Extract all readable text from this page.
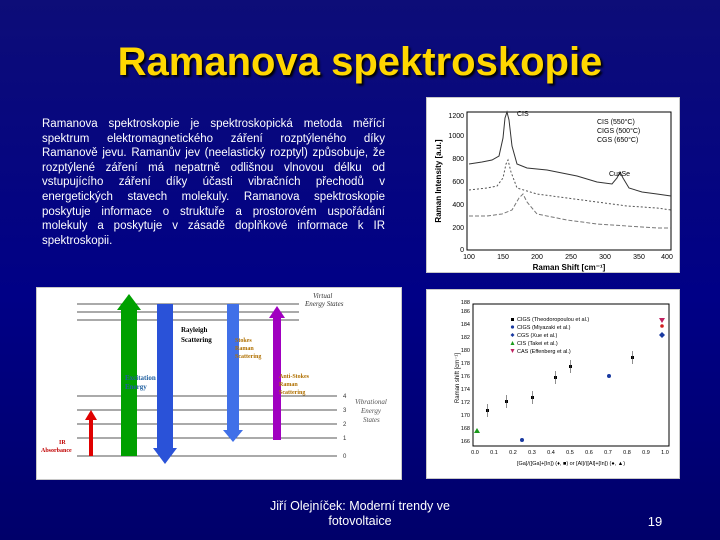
Ramanova spektroskopie
Ramanova spektroskopie je spektroskopická metoda měřící spektrum elektromagnetického záření rozptýleného díky Ramanově jevu. Ramanův jev (neelastický rozptyl) způsobuje, že rozptýlené záření má nepatrně odlišnou vlnovou délku od vstupujícího záření díky účasti vibračních přechodů v energetických stavech molekuly. Ramanova spektroskopie poskytuje informace o struktuře a prostorovém uspořádání molekuly a poskytuje v zásadě doplňkové informace k IR spektroskopii.
Raman Intensity [a.u.]
Raman Shift [cm⁻¹]
0
200
400
600
800
1000
1200
100	150	200	250	300	350 400
CIS
CuxSe
CIS (550°C)
CIGS (500°C)
CGS (650°C)
0
1
2
3
4
Virtual Energy States
Rayleigh Scattering	Stokes Raman Scattering
Anti-Stokes Raman Scattering
Excitation Energy
IR Absorbance
Vibrational Energy States
Raman shift [cm⁻¹]
[Ga]/([Ga]+[In]) (♦, ■) or [Al]/([Al]+[In]) (●, ▲)
166
168
170
172
174
176
178
180
182
184
186
188
0.0 0.1 0.2 0.3 0.4 0.5 0.6 0.7 0.8 0.9 1.0
CIGS (Theodoropoulou et al.)
CIGS (Miyazaki et al.)
CGS (Xue et al.)
CIS (Takei et al.)
CAS (Effenberg et al.)
Jiří Olejníček: Moderní trendy ve fotovoltaice	19
